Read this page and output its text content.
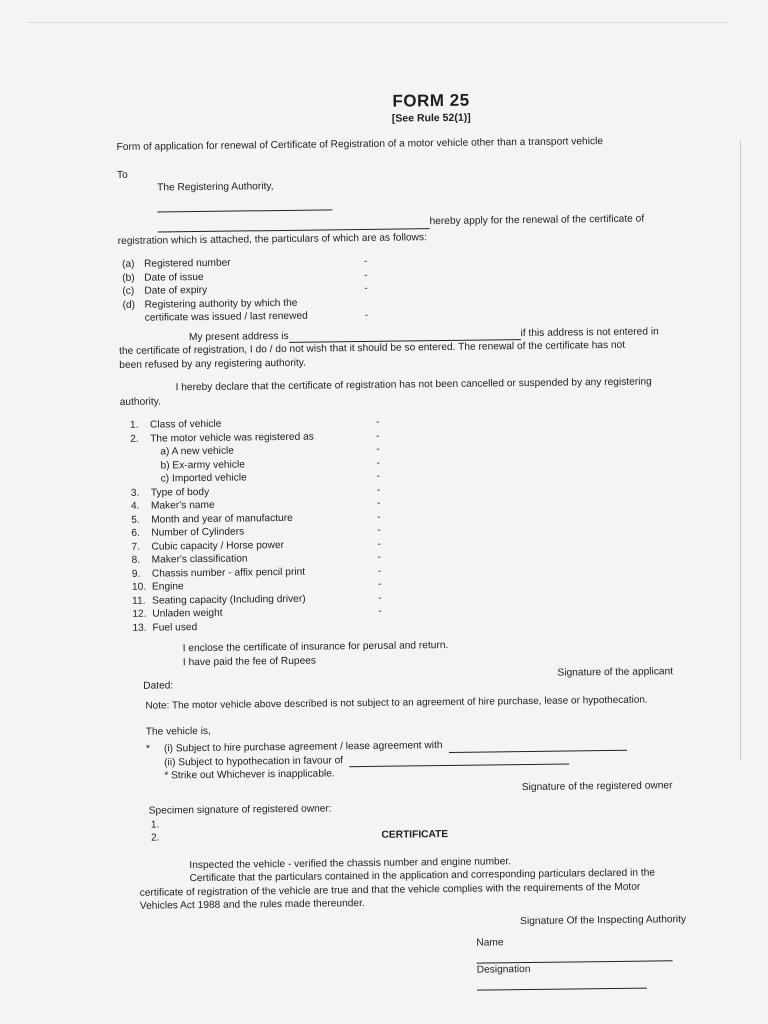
FORM 25
[See Rule 52(1)]

Form of application for renewal of Certificate of Registration of a motor vehicle other than a transport vehicle

To

The Registering Authority,

hereby apply for the renewal of the certificate of

registration which is attached, the particulars of which are as follows:

(a) Registered number	-
(b) Date of issue	-
(c) Date of expiry	-
(d) Registering authority by which the
certificate was issued / last renewed	-
My present address is	if this address is not entered in

the certificate of registration, I do / do not wish that it should be so entered. The renewal of the certificate has not

been refused by any registering authority.

I hereby declare that the certificate of registration has not been cancelled or suspended by any registering

authority.

1. Class of vehicle	-
2. The motor vehicle was registered as	-
a) A new vehicle	-
b) Ex-army vehicle	-
c) Imported vehicle	-
3. Type of body	-
4. Maker's name	-
5. Month and year of manufacture	-
6. Number of Cylinders	-
7. Cubic capacity / Horse power	-
8. Maker's classification	-
9. Chassis number - affix pencil print	-
10. Engine	-
11. Seating capacity (Including driver)	-
12. Unladen weight	-
13. Fuel used

I enclose the certificate of insurance for perusal and return.

I have paid the fee of Rupees

Dated:
Signature of the applicant

Note: The motor vehicle above described is not subject to an agreement of hire purchase, lease or hypothecation.

The vehicle is,

* (i) Subject to hire purchase agreement / lease agreement with
(ii) Subject to hypothecation in favour of
* Strike out Whichever is inapplicable.
Signature of the registered owner

Specimen signature of registered owner:

1.
2.	CERTIFICATE

Inspected the vehicle - verified the chassis number and engine number.

Certificate that the particulars contained in the application and corresponding particulars declared in the

certificate of registration of the vehicle are true and that the vehicle complies with the requirements of the Motor

Vehicles Act 1988 and the rules made thereunder.

Signature Of the Inspecting Authority
Name
Designation
